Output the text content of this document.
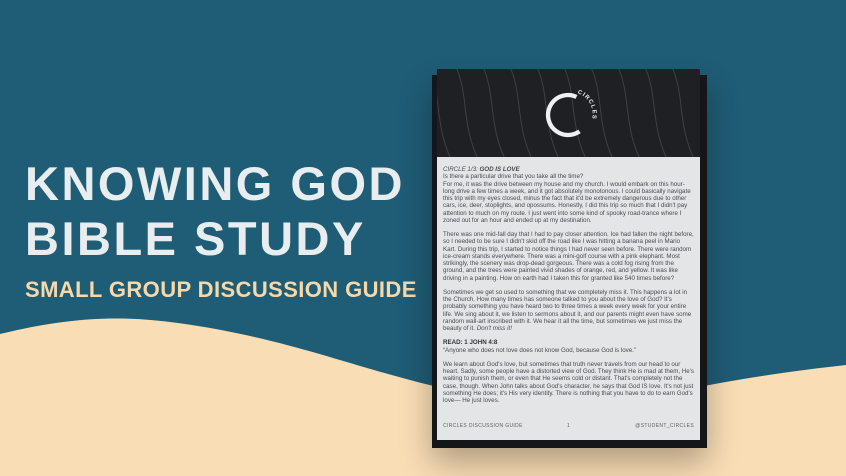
KNOWING GOD
BIBLE STUDY
SMALL GROUP DISCUSSION GUIDE
CIRCLES

CIRCLE 1/3: GOD IS LOVE

Is there a particular drive that you take all the time?

For me, it was the drive between my house and my church. I would embark on this hour-long drive a few times a week, and it got absolutely monotonous. I could basically navigate this trip with my eyes closed, minus the fact that it'd be extremely dangerous due to other cars, ice, deer, stoplights, and opossums. Honestly, I did this trip so much that I didn't pay attention to much on my route. I just went into some kind of spooky road-trance where I zoned out for an hour and ended up at my destination.

There was one mid-fall day that I had to pay closer attention. Ice had fallen the night before, so I needed to be sure I didn't skid off the road like I was hitting a banana peel in Mario Kart. During this trip, I started to notice things I had never seen before. There were random ice-cream stands everywhere. There was a mini-golf course with a pink elephant. Most strikingly, the scenery was drop-dead gorgeous. There was a cold fog rising from the ground, and the trees were painted vivid shades of orange, red, and yellow. It was like driving in a painting. How on earth had I taken this for granted like 540 times before?

Sometimes we get so used to something that we completely miss it. This happens a lot in the Church. How many times has someone talked to you about the love of God? It's probably something you have heard two to three times a week every week for your entire life. We sing about it, we listen to sermons about it, and our parents might even have some random wall-art inscribed with it. We hear it all the time, but sometimes we just miss the beauty of it. Don't miss it!

READ: 1 JOHN 4:8

“Anyone who does not love does not know God, because God is love.”

We learn about God's love, but sometimes that truth never travels from our head to our heart. Sadly, some people have a distorted view of God. They think He is mad at them, He's waiting to punish them, or even that He seems cold or distant. That's completely not the case, though. When John talks about God's character, he says that God IS love. It's not just something He does; it's His very identity. There is nothing that you have to do to earn God's love— He just loves.

CIRCLES DISCUSSION GUIDE	1	@STUDENT_CIRCLES
